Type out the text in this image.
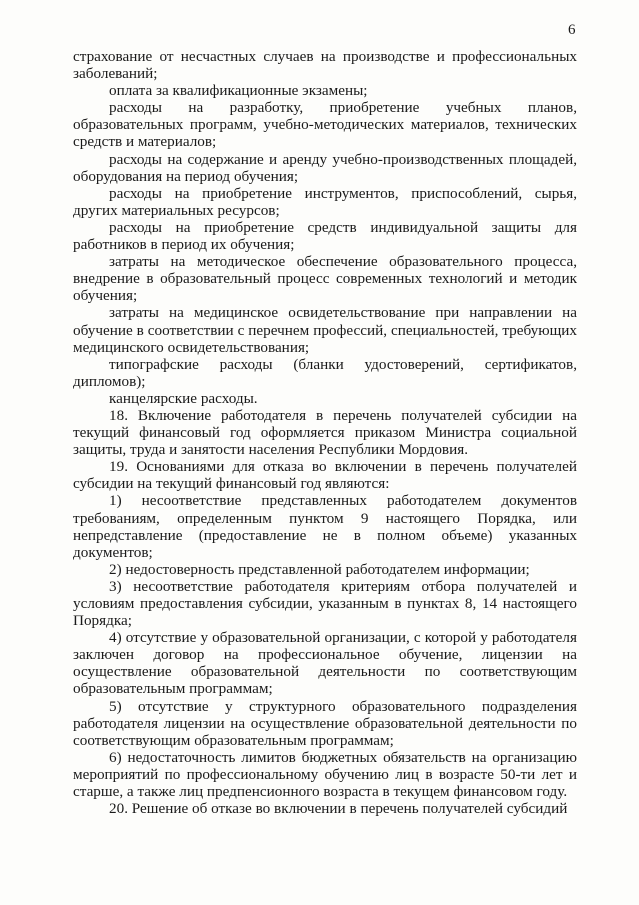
6

страхование от несчастных случаев на производстве и профессиональных заболеваний;

оплата за квалификационные экзамены;

расходы на разработку, приобретение учебных планов, образовательных программ, учебно-методических материалов, технических средств и материалов;

расходы на содержание и аренду учебно-производственных площадей, оборудования на период обучения;

расходы на приобретение инструментов, приспособлений, сырья, других материальных ресурсов;

расходы на приобретение средств индивидуальной защиты для работников в период их обучения;

затраты на методическое обеспечение образовательного процесса, внедрение в образовательный процесс современных технологий и методик обучения;

затраты на медицинское освидетельствование при направлении на обучение в соответствии с перечнем профессий, специальностей, требующих медицинского освидетельствования;

типографские расходы (бланки удостоверений, сертификатов, дипломов);

канцелярские расходы.

18. Включение работодателя в перечень получателей субсидии на текущий финансовый год оформляется приказом Министра социальной защиты, труда и занятости населения Республики Мордовия.

19. Основаниями для отказа во включении в перечень получателей субсидии на текущий финансовый год являются:

1) несоответствие представленных работодателем документов требованиям, определенным пунктом 9 настоящего Порядка, или непредставление (предоставление не в полном объеме) указанных документов;

2) недостоверность представленной работодателем информации;

3) несоответствие работодателя критериям отбора получателей и условиям предоставления субсидии, указанным в пунктах 8, 14 настоящего Порядка;

4) отсутствие у образовательной организации, с которой у работодателя заключен договор на профессиональное обучение, лицензии на осуществление образовательной деятельности по соответствующим образовательным программам;

5) отсутствие у структурного образовательного подразделения работодателя лицензии на осуществление образовательной деятельности по соответствующим образовательным программам;

6) недостаточность лимитов бюджетных обязательств на организацию мероприятий по профессиональному обучению лиц в возрасте 50-ти лет и старше, а также лиц предпенсионного возраста в текущем финансовом году.

20. Решение об отказе во включении в перечень получателей субсидий
